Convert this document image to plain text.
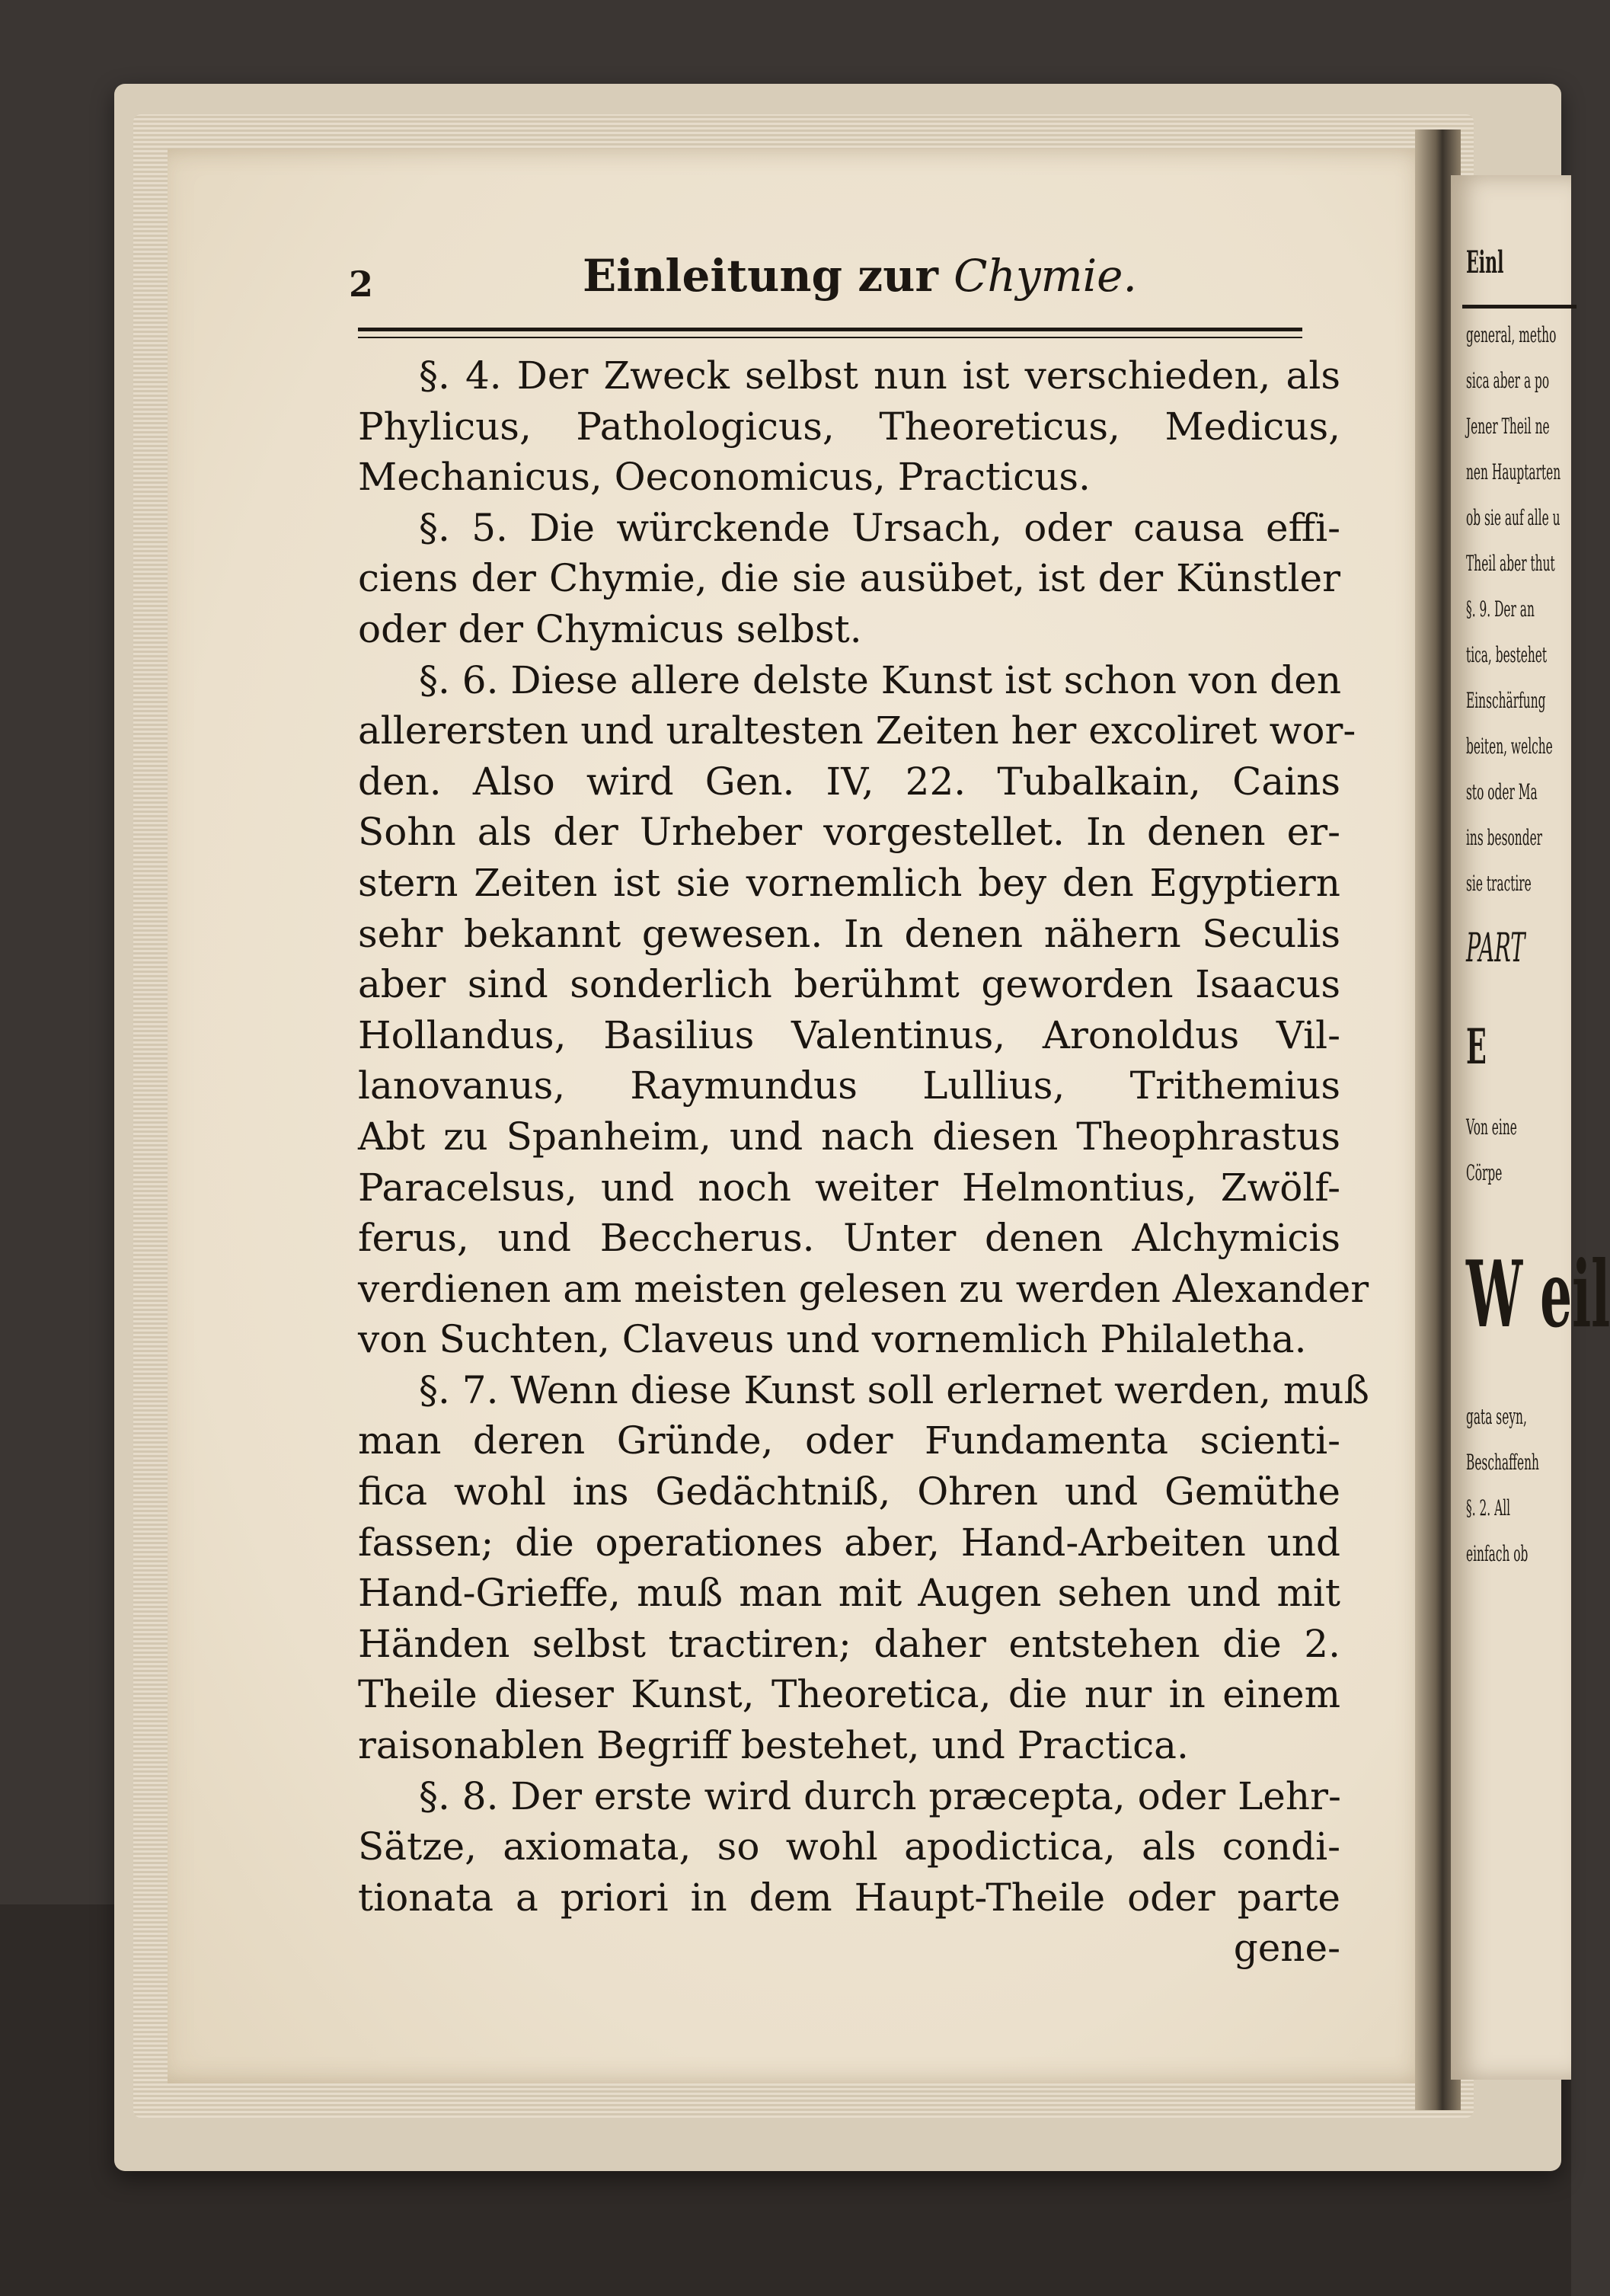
2	Einleitung zur Chymie.
§. 4. Der Zweck selbst nun ist verschieden, als
Phylicus, Pathologicus, Theoreticus, Medicus,
Mechanicus, Oeconomicus, Practicus.
§. 5. Die würckende Ursach, oder causa effi-
ciens der Chymie, die sie ausübet, ist der Künstler
oder der Chymicus selbst.
§. 6. Diese allere delste Kunst ist schon von den
allerersten und uraltesten Zeiten her excoliret wor-
den. Also wird Gen. IV, 22. Tubalkain, Cains
Sohn als der Urheber vorgestellet. In denen er-
stern Zeiten ist sie vornemlich bey den Egyptiern
sehr bekannt gewesen. In denen nähern Seculis
aber sind sonderlich berühmt geworden Isaacus
Hollandus, Basilius Valentinus, Aronoldus Vil-
lanovanus, Raymundus Lullius, Trithemius
Abt zu Spanheim, und nach diesen Theophrastus
Paracelsus, und noch weiter Helmontius, Zwölf-
ferus, und Beccherus. Unter denen Alchymicis
verdienen am meisten gelesen zu werden Alexander
von Suchten, Claveus und vornemlich Philaletha.
§. 7. Wenn diese Kunst soll erlernet werden, muß
man deren Gründe, oder Fundamenta scienti-
fica wohl ins Gedächtniß, Ohren und Gemüthe
fassen; die operationes aber, Hand-Arbeiten und
Hand-Grieffe, muß man mit Augen sehen und mit
Händen selbst tractiren; daher entstehen die 2.
Theile dieser Kunst, Theoretica, die nur in einem
raisonablen Begriff bestehet, und Practica.
§. 8. Der erste wird durch præcepta, oder Lehr-
Sätze, axiomata, so wohl apodictica, als condi-
tionata a priori in dem Haupt-Theile oder parte
gene-
Einl
general, metho
sica aber a po
Jener Theil ne
nen Hauptarten
ob sie auf alle u
Theil aber thut
§. 9. Der an
tica, bestehet
Einschärfung
beiten, welche
sto oder Ma
ins besonder
sie tractire
PART
E
Von eine
Cörpe
W eil
gata seyn,
Beschaffenh
§. 2. All
einfach ob
